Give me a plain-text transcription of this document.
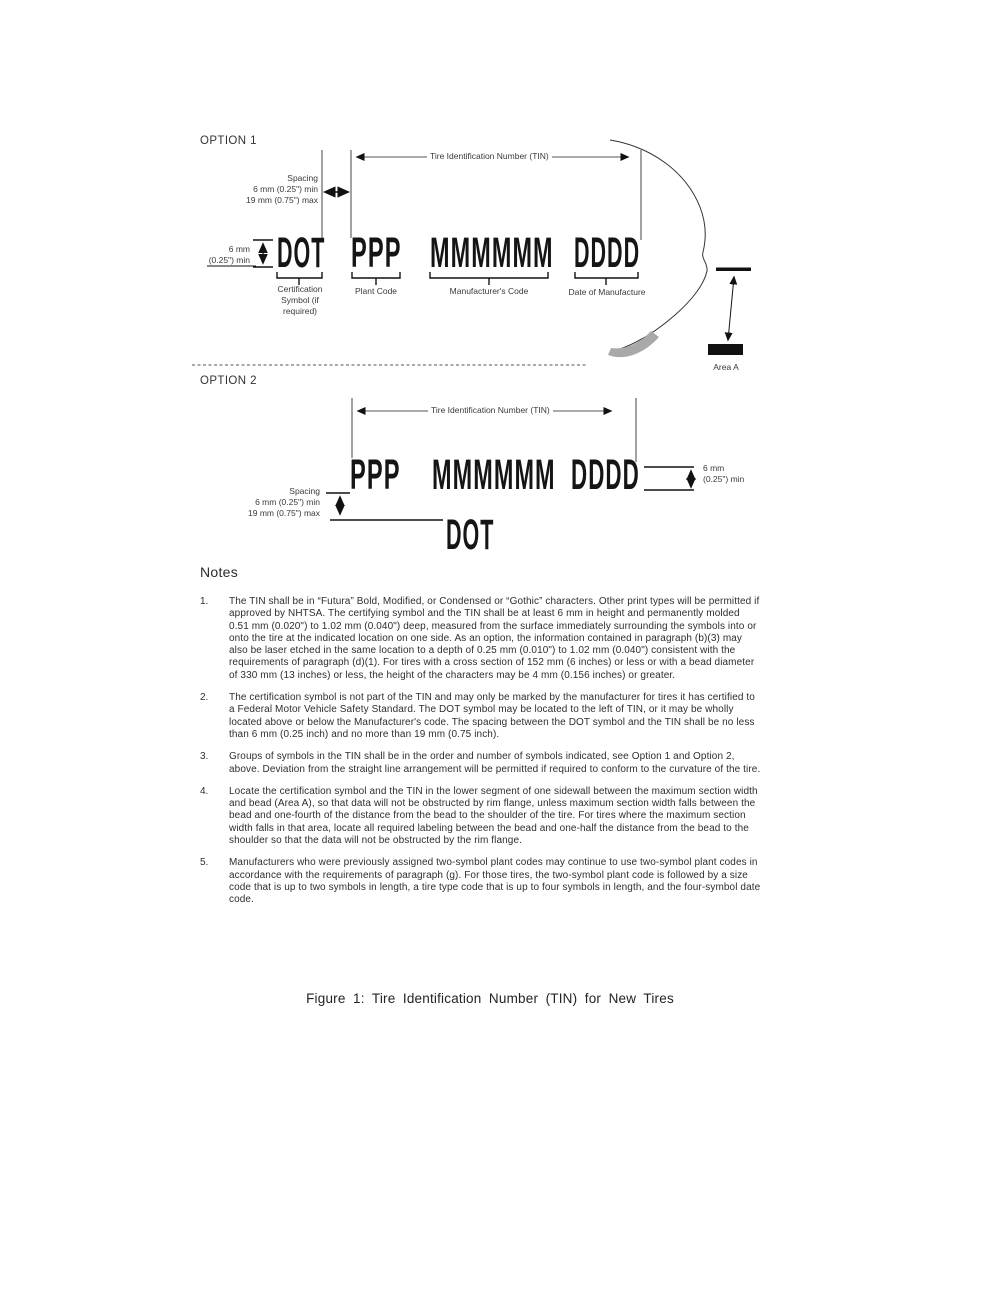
OPTION 1
Tire Identification Number (TIN)
Spacing
6 mm (0.25") min
19 mm (0.75") max
6 mm
(0.25") min DOT PPP MMMMMM DDDD
Certification
Symbol (if
required)
Plant Code	Manufacturer's Code	Date of Manufacture
Area A
OPTION 2
Tire Identification Number (TIN)
PPP MMMMMM DDDD
DOT
Spacing
6 mm (0.25") min
19 mm (0.75") max
6 mm
(0.25") min
Notes
1.	The TIN shall be in “Futura” Bold, Modified, or Condensed or “Gothic” characters. Other print types will be permitted if approved by NHTSA. The certifying symbol and the TIN shall be at least 6 mm in height and permanently molded 0.51 mm (0.020") to 1.02 mm (0.040") deep, measured from the surface immediately surrounding the symbols into or onto the tire at the indicated location on one side. As an option, the information contained in paragraph (b)(3) may also be laser etched in the same location to a depth of 0.25 mm (0.010") to 1.02 mm (0.040") consistent with the requirements of paragraph (d)(1). For tires with a cross section of 152 mm (6 inches) or less or with a bead diameter of 330 mm (13 inches) or less, the height of the characters may be 4 mm (0.156 inches) or greater.
2.	The certification symbol is not part of the TIN and may only be marked by the manufacturer for tires it has certified to a Federal Motor Vehicle Safety Standard. The DOT symbol may be located to the left of TIN, or it may be wholly located above or below the Manufacturer's code. The spacing between the DOT symbol and the TIN shall be no less than 6 mm (0.25 inch) and no more than 19 mm (0.75 inch).
3.	Groups of symbols in the TIN shall be in the order and number of symbols indicated, see Option 1 and Option 2, above. Deviation from the straight line arrangement will be permitted if required to conform to the curvature of the tire.
4.	Locate the certification symbol and the TIN in the lower segment of one sidewall between the maximum section width and bead (Area A), so that data will not be obstructed by rim flange, unless maximum section width falls between the bead and one-fourth of the distance from the bead to the shoulder of the tire. For tires where the maximum section width falls in that area, locate all required labeling between the bead and one-half the distance from the bead to the shoulder so that the data will not be obstructed by the rim flange.
5.	Manufacturers who were previously assigned two-symbol plant codes may continue to use two-symbol plant codes in accordance with the requirements of paragraph (g). For those tires, the two-symbol plant code is followed by a size code that is up to two symbols in length, a tire type code that is up to four symbols in length, and the four-symbol date code.
Figure 1: Tire Identification Number (TIN) for New Tires
